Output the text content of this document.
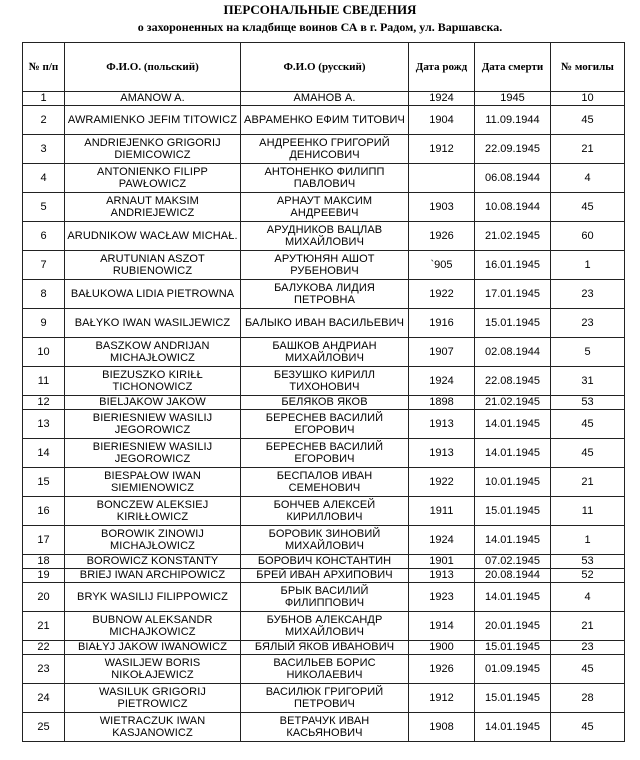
ПЕРСОНАЛЬНЫЕ СВЕДЕНИЯ
о захороненных на кладбище воинов СА в г. Радом, ул. Варшавска.
№ п/п	Ф.И.О. (польский)	Ф.И.О (русский)	Дата рожд	Дата смерти	№ могилы
1	AMANOW A.	АМАНОВ А.	1924	1945	10
2	AWRAMIENKO JEFIM TITOWICZ	АВРАМЕНКО ЕФИМ ТИТОВИЧ	1904	11.09.1944	45
3	ANDRIEJENKO GRIGORIJ DIEMICOWICZ	АНДРЕЕНКО ГРИГОРИЙ ДЕНИСОВИЧ	1912	22.09.1945	21
4	ANTONIENKO FILIPP PAWŁOWICZ	АНТОНЕНКО ФИЛИПП ПАВЛОВИЧ		06.08.1944	4
5	ARNAUT MAKSIM ANDRIEJEWICZ	АРНАУТ МАКСИМ АНДРЕЕВИЧ	1903	10.08.1944	45
6	ARUDNIKOW WACŁAW MICHAŁ.	АРУДНИКОВ ВАЦЛАВ МИХАЙЛОВИЧ	1926	21.02.1945	60
7	ARUTUNIAN ASZOT RUBIENOWICZ	АРУТЮНЯН АШОТ РУБЕНОВИЧ	`905	16.01.1945	1
8	BAŁUKOWA LIDIA PIETROWNA	БАЛУКОВА ЛИДИЯ ПЕТРОВНА	1922	17.01.1945	23
9	BAŁYKO IWAN WASILJEWICZ	БАЛЫКО ИВАН ВАСИЛЬЕВИЧ	1916	15.01.1945	23
10	BASZKOW ANDRIJAN MICHAJŁOWICZ	БАШКОВ АНДРИАН МИХАЙЛОВИЧ	1907	02.08.1944	5
11	BIEZUSZKO KIRIŁŁ TICHONOWICZ	БЕЗУШКО КИРИЛЛ ТИХОНОВИЧ	1924	22.08.1945	31
12	BIELJAKOW JAKOW	БЕЛЯКОВ ЯКОВ	1898	21.02.1945	53
13	BIERIESNIEW WASILIJ JEGOROWICZ	БЕРЕСНЕВ ВАСИЛИЙ ЕГОРОВИЧ	1913	14.01.1945	45
14	BIERIESNIEW WASILIJ JEGOROWICZ	БЕРЕСНЕВ ВАСИЛИЙ ЕГОРОВИЧ	1913	14.01.1945	45
15	BIESPAŁOW IWAN SIEMIENOWICZ	БЕСПАЛОВ ИВАН СЕМЕНОВИЧ	1922	10.01.1945	21
16	BONCZEW ALEKSIEJ KIRIŁŁOWICZ	БОНЧЕВ АЛЕКСЕЙ КИРИЛЛОВИЧ	1911	15.01.1945	11
17	BOROWIK ZINOWIJ MICHAJŁOWICZ	БОРОВИК ЗИНОВИЙ МИХАЙЛОВИЧ	1924	14.01.1945	1
18	BOROWICZ KONSTANTY	БОРОВИЧ КОНСТАНТИН	1901	07.02.1945	53
19	BRIEJ IWAN ARCHIPOWICZ	БРЕЙ ИВАН АРХИПОВИЧ	1913	20.08.1944	52
20	BRYK WASILIJ FILIPPOWICZ	БРЫК ВАСИЛИЙ ФИЛИППОВИЧ	1923	14.01.1945	4
21	BUBNOW ALEKSANDR MICHAJKOWICZ	БУБНОВ АЛЕКСАНДР МИХАЙЛОВИЧ	1914	20.01.1945	21
22	BIAŁYJ JAKOW IWANOWICZ	БЯЛЫЙ ЯКОВ ИВАНОВИЧ	1900	15.01.1945	23
23	WASILJEW BORIS NIKOŁAJEWICZ	ВАСИЛЬЕВ БОРИС НИКОЛАЕВИЧ	1926	01.09.1945	45
24	WASILUK GRIGORIJ PIETROWICZ	ВАСИЛЮК ГРИГОРИЙ ПЕТРОВИЧ	1912	15.01.1945	28
25	WIETRACZUK IWAN KASJANOWICZ	ВЕТРАЧУК ИВАН КАСЬЯНОВИЧ	1908	14.01.1945	45
